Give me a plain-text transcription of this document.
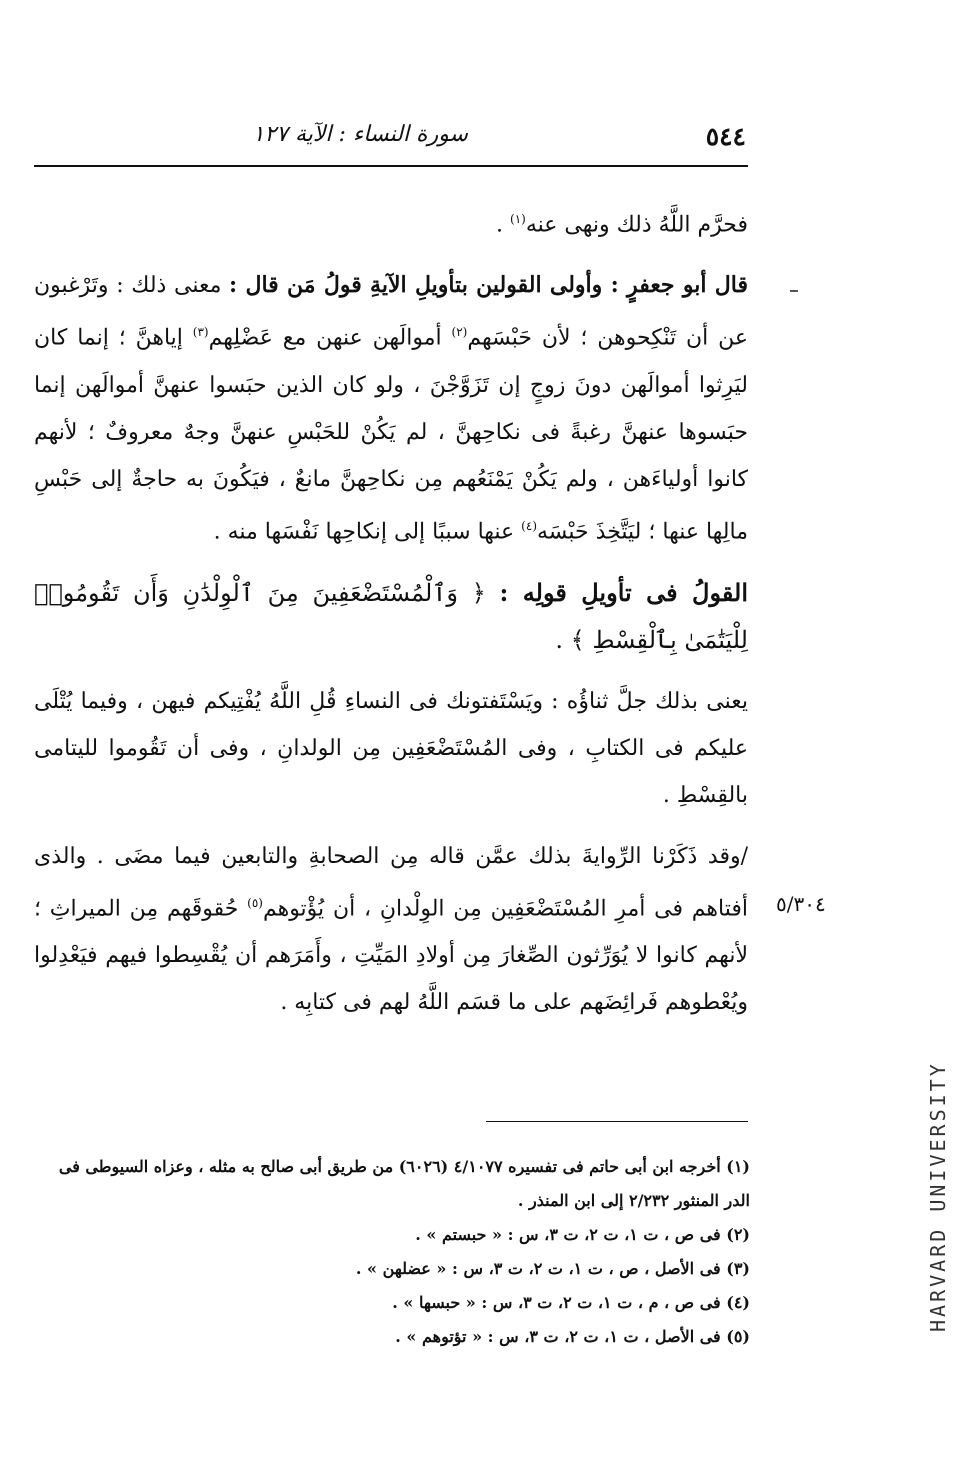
٥٤٤
سورة النساء : الآية ١٢٧

فحرَّم اللَّهُ ذلك ونهى عنه$^{(١)}$ .

قال أبو جعفرٍ : وأولى القولين بتأويلِ الآيةِ قولُ مَن قال : معنى ذلك : وتَرْغبون عن أن تَنْكِحوهن ؛ لأن حَبْسَهم$^{(٢)}$ أموالَهن عنهن مع عَضْلِهم$^{(٣)}$ إياهنَّ ؛ إنما كان ليَرِثوا أموالَهن دونَ زوجٍ إن تَزَوَّجْنَ ، ولو كان الذين حبَسوا عنهنَّ أموالَهن إنما حبَسوها عنهنَّ رغبةً فى نكاحِهنَّ ، لم يَكُنْ للحَبْسِ عنهنَّ وجهٌ معروفٌ ؛ لأنهم كانوا أولياءَهن ، ولم يَكُنْ يَمْنَعُهم مِن نكاحِهنَّ مانعٌ ، فيَكُونَ به حاجةٌ إلى حَبْسِ مالِها عنها ؛ ليَتَّخِذَ حَبْسَه$^{(٤)}$ عنها سببًا إلى إنكاحِها نَفْسَها منه .

القولُ فى تأويلِ قولِه : ﴿ وَٱلْمُسْتَضْعَفِينَ مِنَ ٱلْوِلْدَٰنِ وَأَن تَقُومُوا۟ لِلْيَتَٰمَىٰ بِٱلْقِسْطِ ﴾ .

يعنى بذلك جلَّ ثناؤُه : ويَسْتَفتونك فى النساءِ قُلِ اللَّهُ يُفْتِيكم فيهن ، وفيما يُتْلَى عليكم فى الكتابِ ، وفى المُسْتَضْعَفِين مِن الولدانِ ، وفى أن تَقُوموا لليتامى بالقِسْطِ .

/وقد ذَكَرْنا الرِّوايةَ بذلك عمَّن قاله مِن الصحابةِ والتابعين فيما مضَى . والذى أفتاهم فى أمرِ المُسْتَضْعَفِين مِن الوِلْدانِ ، أن يُؤْتوهم$^{(٥)}$ حُقوقَهم مِن الميراثِ ؛ لأنهم كانوا لا يُوَرِّثون الصِّغارَ مِن أولادِ المَيِّتِ ، وأَمَرَهم أن يُقْسِطوا فيهم فيَعْدِلوا ويُعْطوهم فَرائِضَهم على ما قسَم اللَّهُ لهم فى كتابِه .

٥/٣٠٤
(١) أخرجه ابن أبى حاتم فى تفسيره ٤/١٠٧٧ (٦٠٢٦) من طريق أبى صالح به مثله ، وعزاه السيوطى فى الدر المنثور ٢/٢٣٢ إلى ابن المنذر .
(٢) فى ص ، ت ١، ت ٢، ت ٣، س : « حبستم » .
(٣) فى الأصل ، ص ، ت ١، ت ٢، ت ٣، س : « عضلهن » .
(٤) فى ص ، م ، ت ١، ت ٢، ت ٣، س : « حبسها » .
(٥) فى الأصل ، ت ١، ت ٢، ت ٣، س : « تؤتوهم » .
HARVARD UNIVERSITY
